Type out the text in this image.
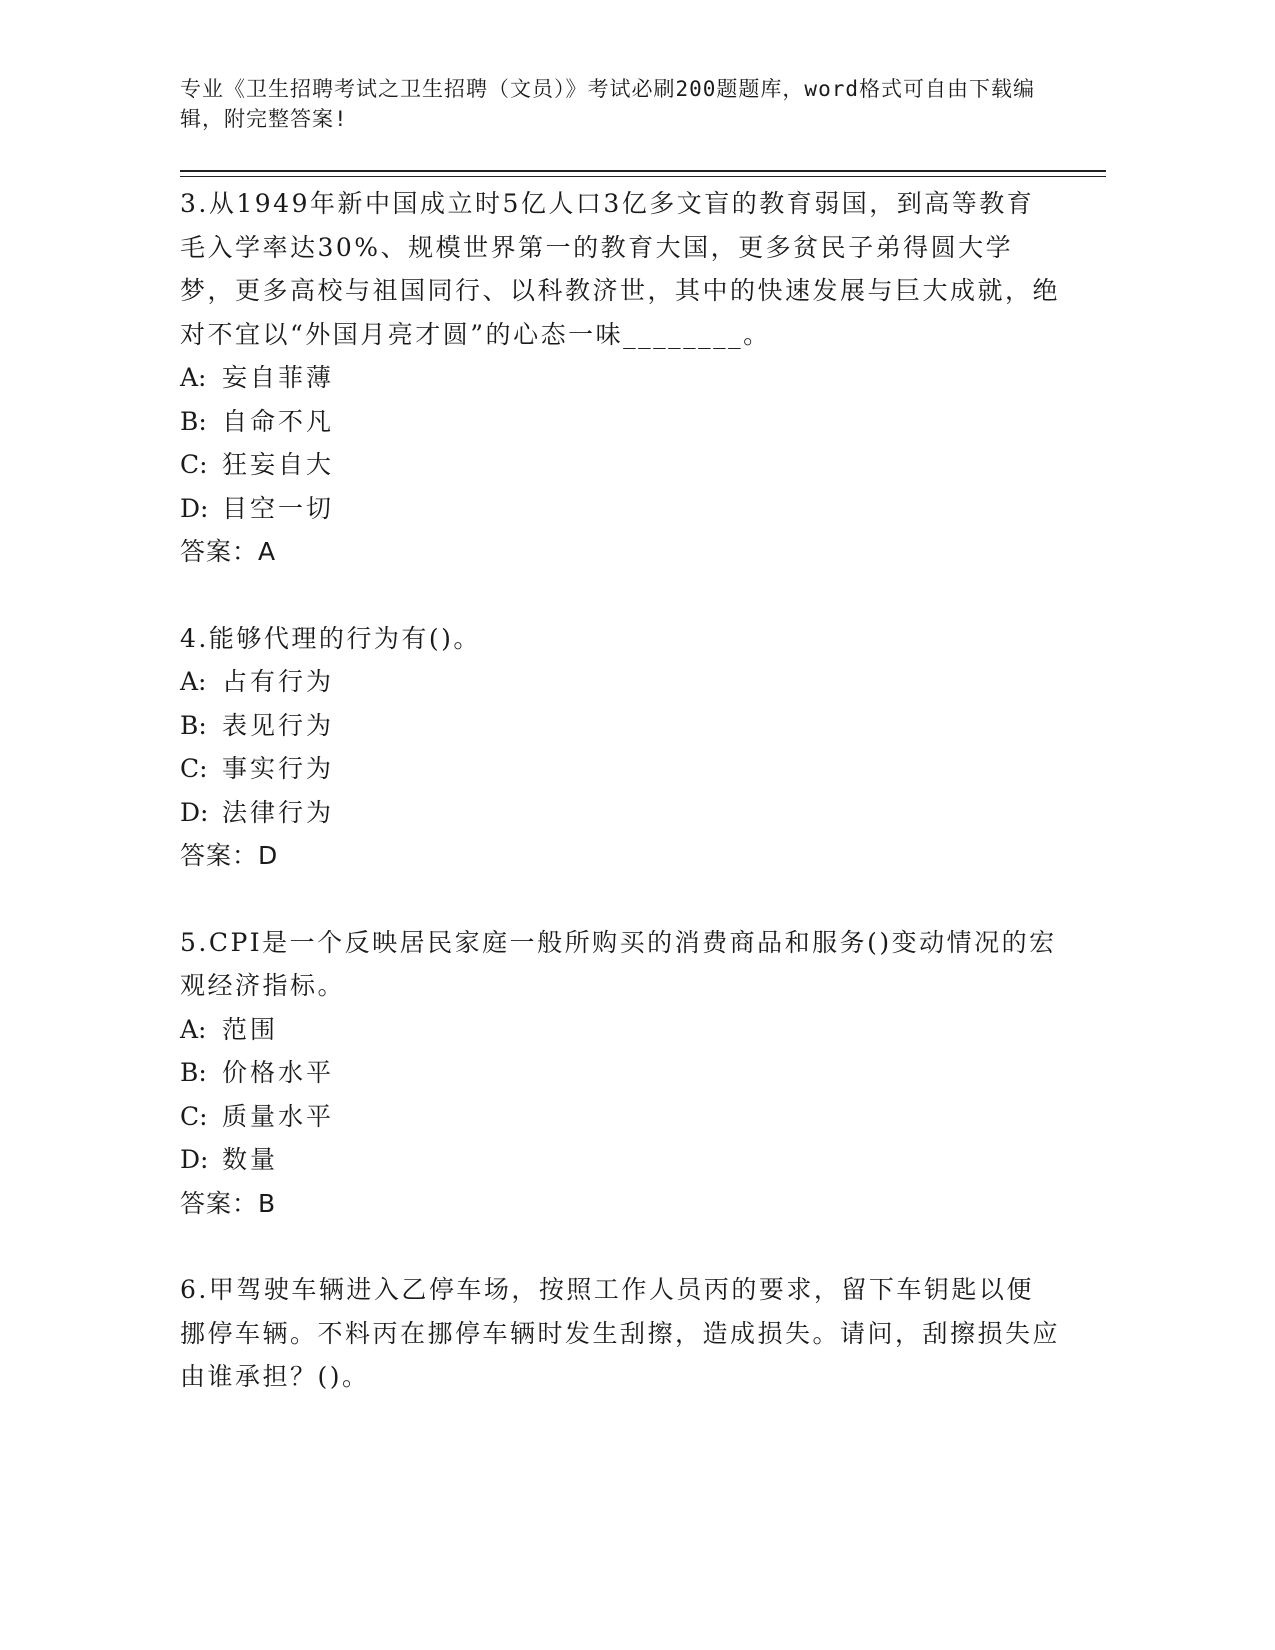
专业《卫生招聘考试之卫生招聘（文员）》考试必刷200题题库，word格式可自由下载编辑，附完整答案!

3.从1949年新中国成立时5亿人口3亿多文盲的教育弱国，到高等教育毛入学率达30%、规模世界第一的教育大国，更多贫民子弟得圆大学梦，更多高校与祖国同行、以科教济世，其中的快速发展与巨大成就，绝对不宜以“外国月亮才圆”的心态一味________。

A: 妄自菲薄

B: 自命不凡

C: 狂妄自大

D: 目空一切

答案：A

4.能够代理的行为有()。

A: 占有行为

B: 表见行为

C: 事实行为

D: 法律行为

答案：D

5.CPI是一个反映居民家庭一般所购买的消费商品和服务()变动情况的宏观经济指标。

A: 范围

B: 价格水平

C: 质量水平

D: 数量

答案：B

6.甲驾驶车辆进入乙停车场，按照工作人员丙的要求，留下车钥匙以便挪停车辆。不料丙在挪停车辆时发生刮擦，造成损失。请问，刮擦损失应由谁承担？()。
